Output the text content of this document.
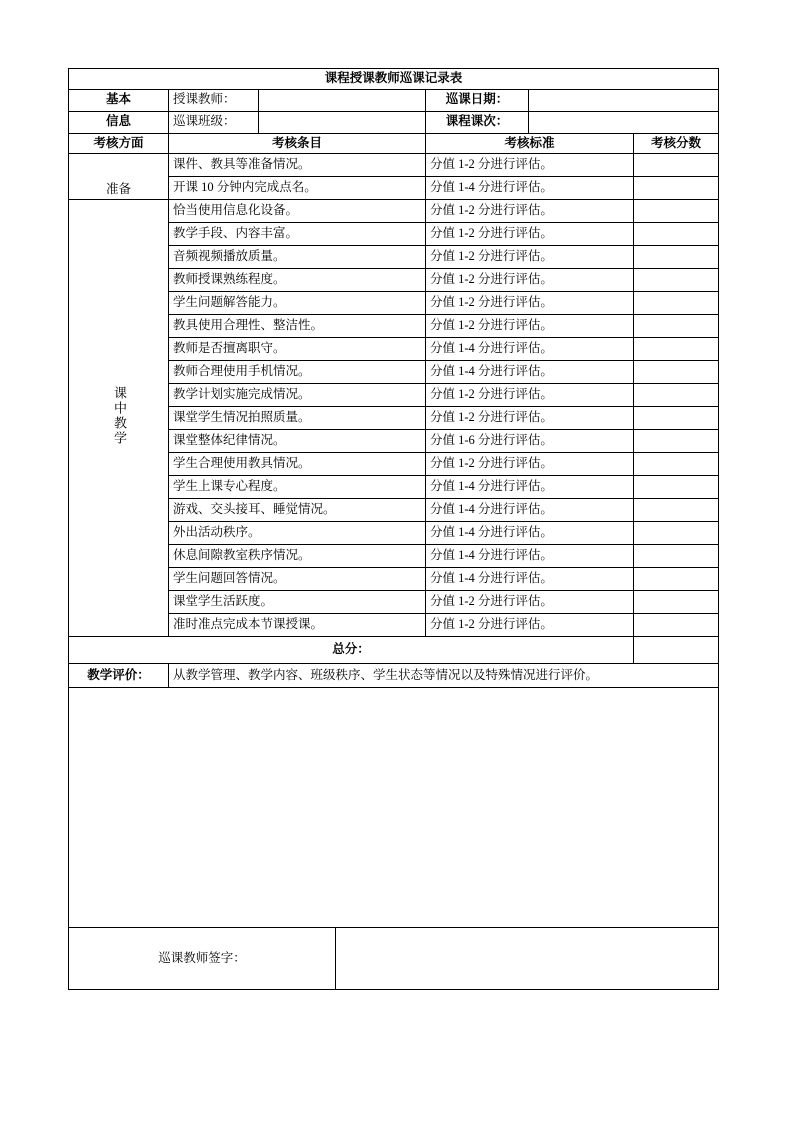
课程授课教师巡课记录表						
基本	授课教师：			巡课日期：		
信息	巡课班级：			课程课次：		
考核方面	考核条目			考核标准		考核分数
准备	课件、教具等准备情况。			分值 1-2 分进行评估。		
	开课 10 分钟内完成点名。			分值 1-4 分进行评估。		
课中教学	恰当使用信息化设备。			分值 1-2 分进行评估。		
	教学手段、内容丰富。			分值 1-2 分进行评估。		
	音频视频播放质量。			分值 1-2 分进行评估。		
	教师授课熟练程度。			分值 1-2 分进行评估。		
	学生问题解答能力。			分值 1-2 分进行评估。		
	教具使用合理性、整洁性。			分值 1-2 分进行评估。		
	教师是否擅离职守。			分值 1-4 分进行评估。		
	教师合理使用手机情况。			分值 1-4 分进行评估。		
	教学计划实施完成情况。			分值 1-2 分进行评估。		
	课堂学生情况拍照质量。			分值 1-2 分进行评估。		
	课堂整体纪律情况。			分值 1-6 分进行评估。		
	学生合理使用教具情况。			分值 1-2 分进行评估。		
	学生上课专心程度。			分值 1-4 分进行评估。		
	游戏、交头接耳、睡觉情况。			分值 1-4 分进行评估。		
	外出活动秩序。			分值 1-4 分进行评估。		
	休息间隙教室秩序情况。			分值 1-4 分进行评估。		
	学生问题回答情况。			分值 1-4 分进行评估。		
	课堂学生活跃度。			分值 1-2 分进行评估。		
	准时准点完成本节课授课。			分值 1-2 分进行评估。		
总分：						
教学评价：	从教学管理、教学内容、班级秩序、学生状态等情况以及特殊情况进行评价。					

巡课教师签字：						
